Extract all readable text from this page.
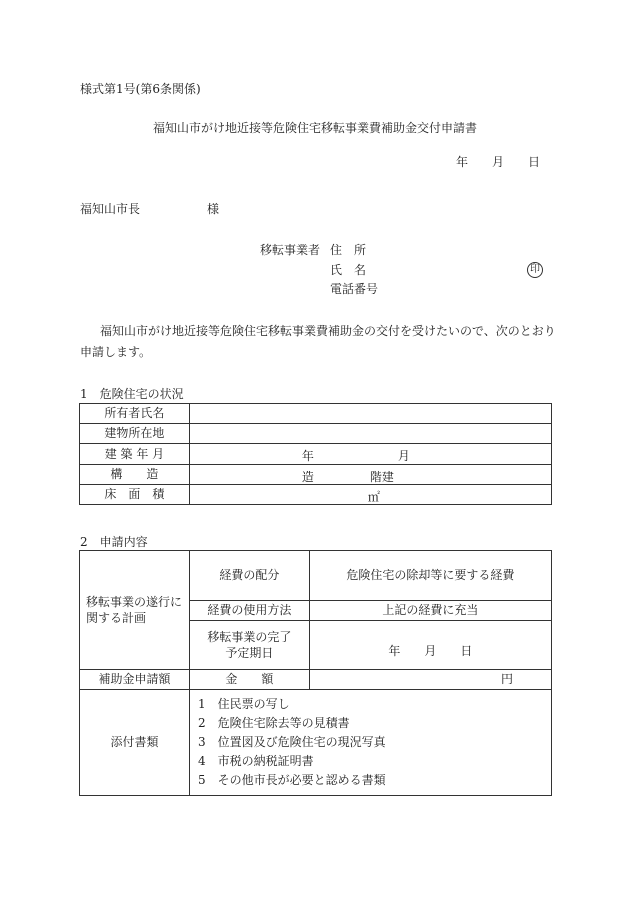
様式第1号(第6条関係)
福知山市がけ地近接等危険住宅移転事業費補助金交付申請書
年　　月　　日
福知山市長	様
移転事業者 住　所
氏　名	印
電話番号
福知山市がけ地近接等危険住宅移転事業費補助金の交付を受けたいので、次のとおり
申請します。
1　危険住宅の状況
所有者氏名	
建物所在地	
建 築 年 月	年 月

構　　造	造 階建

床　面　積	㎡
2　申請内容
移転事業の遂行に関する計画	経費の配分	危険住宅の除却等に要する経費
	経費の使用方法	上記の経費に充当

	移転事業の完了
予定期日	年　　月　　日
補助金申請額	金　　額	円
添付書類	1　住民票の写し
2　危険住宅除去等の見積書
3　位置図及び危険住宅の現況写真
4　市税の納税証明書
5　その他市長が必要と認める書類	
